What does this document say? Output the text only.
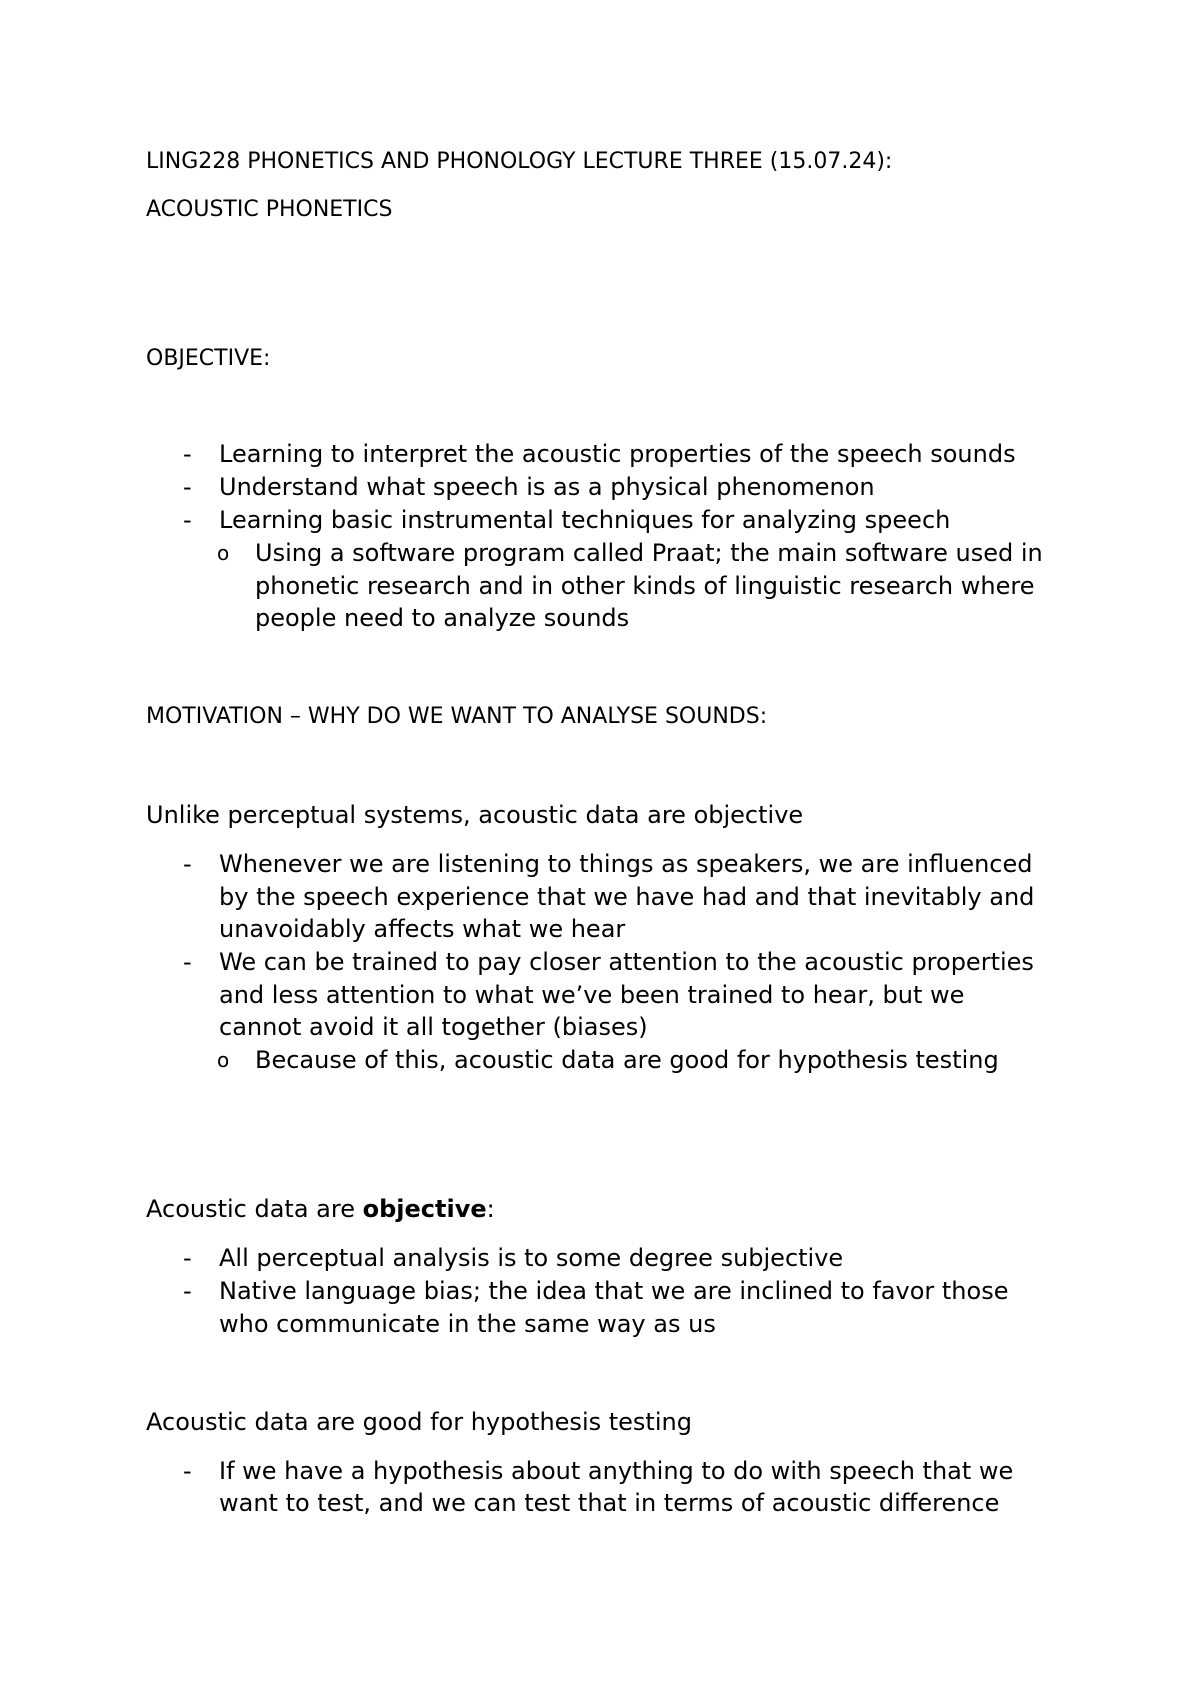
LING228 PHONETICS AND PHONOLOGY LECTURE THREE (15.07.24):
ACOUSTIC PHONETICS
OBJECTIVE:
- Learning to interpret the acoustic properties of the speech sounds
- Understand what speech is as a physical phenomenon
- Learning basic instrumental techniques for analyzing speech
o Using a software program called Praat; the main software used in
phonetic research and in other kinds of linguistic research where
people need to analyze sounds
MOTIVATION – WHY DO WE WANT TO ANALYSE SOUNDS:
Unlike perceptual systems, acoustic data are objective
- Whenever we are listening to things as speakers, we are influenced
by the speech experience that we have had and that inevitably and
unavoidably affects what we hear
- We can be trained to pay closer attention to the acoustic properties
and less attention to what we’ve been trained to hear, but we
cannot avoid it all together (biases)
o Because of this, acoustic data are good for hypothesis testing
Acoustic data are objective:
- All perceptual analysis is to some degree subjective
- Native language bias; the idea that we are inclined to favor those
who communicate in the same way as us
Acoustic data are good for hypothesis testing
- If we have a hypothesis about anything to do with speech that we
want to test, and we can test that in terms of acoustic difference
